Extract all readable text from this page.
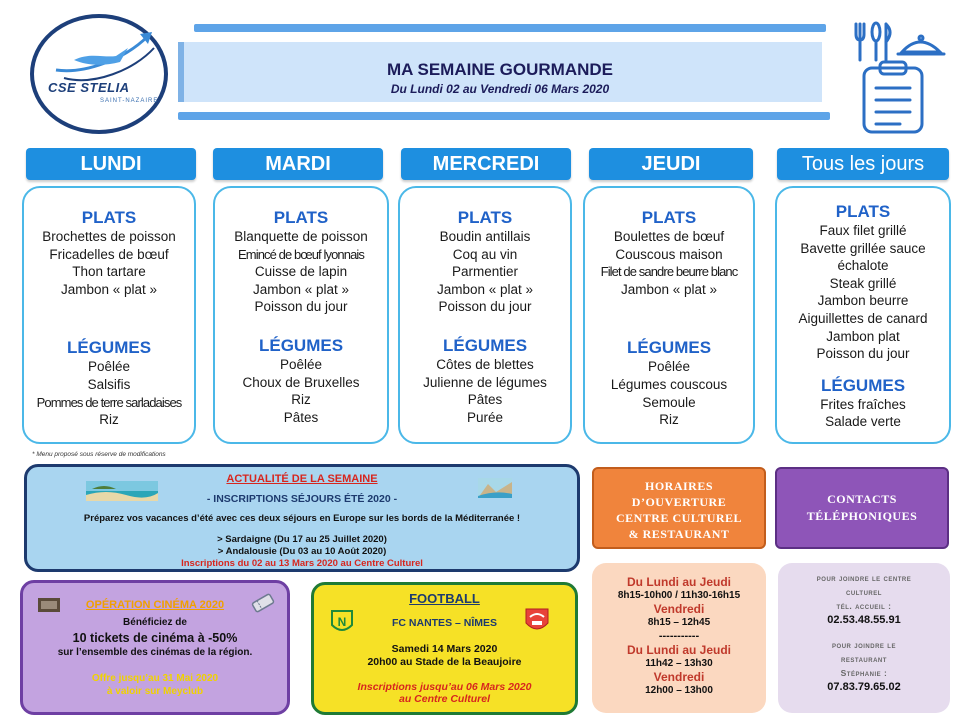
CSE STELIA
SAINT-NAZAIRE
MA SEMAINE GOURMANDE
Du Lundi 02 au Vendredi 06 Mars 2020
LUNDI	MARDI	MERCREDI	JEUDI	Tous les jours
PLATS
Brochettes de poisson
Fricadelles de bœuf
Thon tartare
Jambon « plat »
LÉGUMES
Poêlée
Salsifis
Pommes de terre sarladaises
Riz
PLATS
Blanquette de poisson
Emincé de bœuf lyonnais
Cuisse de lapin
Jambon « plat »
Poisson du jour
LÉGUMES
Poêlée
Choux de Bruxelles
Riz
Pâtes
PLATS
Boudin antillais
Coq au vin
Parmentier
Jambon « plat »
Poisson du jour
LÉGUMES
Côtes de blettes
Julienne de légumes
Pâtes
Purée
PLATS
Boulettes de bœuf
Couscous maison
Filet de sandre beurre blanc
Jambon « plat »
LÉGUMES
Poêlée
Légumes couscous
Semoule
Riz
PLATS
Faux filet grillé
Bavette grillée sauce
échalote
Steak grillé
Jambon beurre
Aiguillettes de canard
Jambon plat
Poisson du jour
LÉGUMES
Frites fraîches
Salade verte
* Menu proposé sous réserve de modifications
ACTUALITÉ DE LA SEMAINE
- INSCRIPTIONS SÉJOURS ÉTÉ 2020 -
Préparez vos vacances d’été avec ces deux séjours en Europe sur les bords de la Méditerranée !
> Sardaigne (Du 17 au 25 Juillet 2020)
> Andalousie (Du 03 au 10 Août 2020)
Inscriptions du 02 au 13 Mars 2020 au Centre Culturel
HORAIRES
D’OUVERTURE
CENTRE CULTUREL
& RESTAURANT
CONTACTS
TÉLÉPHONIQUES
OPÉRATION CINÉMA 2020
Bénéficiez de
10 tickets de cinéma à -50%
sur l’ensemble des cinémas de la région.
Offre jusqu’au 31 Mai 2020
à valoir sur Meyclub
FOOTBALL
FC NANTES – NÎMES
Samedi 14 Mars 2020
20h00 au Stade de la Beaujoire
Inscriptions jusqu’au 06 Mars 2020
au Centre Culturel
N
Du Lundi au Jeudi
8h15-10h00 / 11h30-16h15
Vendredi
8h15 – 12h45
-----------
Du Lundi au Jeudi
11h42 – 13h30
Vendredi
12h00 – 13h00
pour joindre le centre
culturel
tél. accueil :
02.53.48.55.91
pour joindre le
restaurant
Stéphanie :
07.83.79.65.02
